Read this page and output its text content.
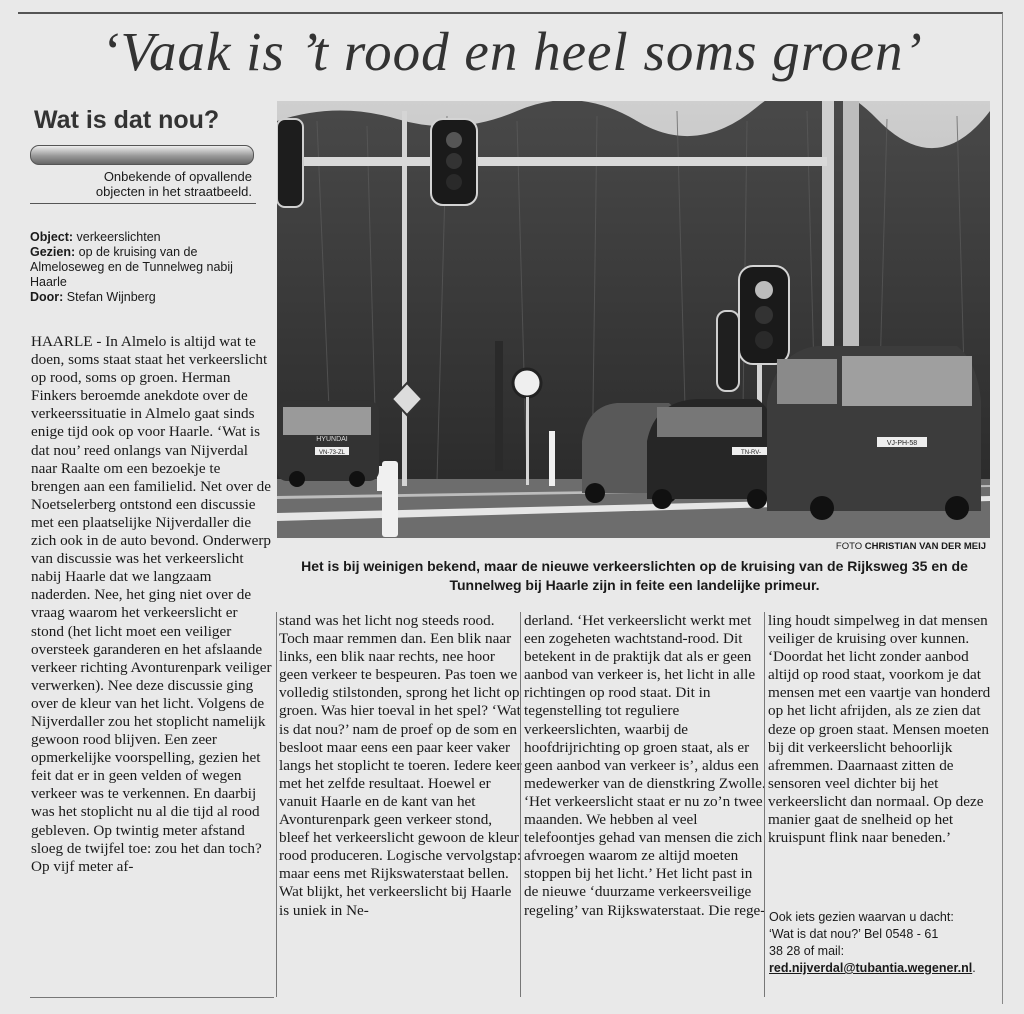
‘Vaak is ’t rood en heel soms groen’
Wat is dat nou?
Onbekende of opvallende
objecten in het straatbeeld.
Object: verkeerslichten
Gezien: op de kruising van de Almeloseweg en de Tunnelweg nabij Haarle
Door: Stefan Wijnberg
VN-73-ZL
HYUNDAI
TN-RV-
VJ-PH-58
FOTO CHRISTIAN VAN DER MEIJ
Het is bij weinigen bekend, maar de nieuwe verkeerslichten op de kruising van de Rijksweg 35 en de Tunnelweg bij Haarle zijn in feite een landelijke primeur.

HAARLE - In Almelo is altijd wat te doen, soms staat staat het verkeerslicht op rood, soms op groen. Herman Finkers beroemde anekdote over de verkeerssituatie in Almelo gaat sinds enige tijd ook op voor Haarle. ‘Wat is dat nou’ reed onlangs van Nijverdal naar Raalte om een bezoekje te brengen aan een familielid. Net over de Noetselerberg ontstond een discussie met een plaatselijke Nijverdaller die zich ook in de auto bevond. Onderwerp van discussie was het verkeerslicht nabij Haarle dat we langzaam naderden. Nee, het ging niet over de vraag waarom het verkeerslicht er stond (het licht moet een veiliger oversteek garanderen en het afslaande verkeer richting Avonturenpark veiliger verwerken). Nee deze discussie ging over de kleur van het licht. Volgens de Nijverdaller zou het stoplicht namelijk gewoon rood blijven. Een zeer opmerkelijke voorspelling, gezien het feit dat er in geen velden of wegen verkeer was te verkennen. En daarbij was het stoplicht nu al die tijd al rood gebleven. Op twintig meter afstand sloeg de twijfel toe: zou het dan toch? Op vijf meter af-

stand was het licht nog steeds rood. Toch maar remmen dan. Een blik naar links, een blik naar rechts, nee hoor geen verkeer te bespeuren. Pas toen we volledig stilstonden, sprong het licht op groen. Was hier toeval in het spel? ‘Wat is dat nou?’ nam de proef op de som en besloot maar eens een paar keer vaker langs het stoplicht te toeren. Iedere keer met het zelfde resultaat. Hoewel er vanuit Haarle en de kant van het Avonturenpark geen verkeer stond, bleef het verkeerslicht gewoon de kleur rood produceren. Logische vervolgstap: maar eens met Rijkswaterstaat bellen. Wat blijkt, het verkeerslicht bij Haarle is uniek in Ne-

derland. ‘Het verkeerslicht werkt met een zogeheten wachtstand-rood. Dit betekent in de praktijk dat als er geen aanbod van verkeer is, het licht in alle richtingen op rood staat. Dit in tegenstelling tot reguliere verkeerslichten, waarbij de hoofdrijrichting op groen staat, als er geen aanbod van verkeer is’, aldus een medewerker van de dienstkring Zwolle. ‘Het verkeerslicht staat er nu zo’n twee maanden. We hebben al veel telefoontjes gehad van mensen die zich afvroegen waarom ze altijd moeten stoppen bij het licht.’ Het licht past in de nieuwe ‘duurzame verkeersveilige regeling’ van Rijkswaterstaat. Die rege-

ling houdt simpelweg in dat mensen veiliger de kruising over kunnen. ‘Doordat het licht zonder aanbod altijd op rood staat, voorkom je dat mensen met een vaartje van honderd op het licht afrijden, als ze zien dat deze op groen staat. Mensen moeten bij dit verkeerslicht behoorlijk afremmen. Daarnaast zitten de sensoren veel dichter bij het verkeerslicht dan normaal. Op deze manier gaat de snelheid op het kruispunt flink naar beneden.’

Ook iets gezien waarvan u dacht:
‘Wat is dat nou?’ Bel 0548 - 61
38 28 of mail:
red.nijverdal@tubantia.wegener.nl.
